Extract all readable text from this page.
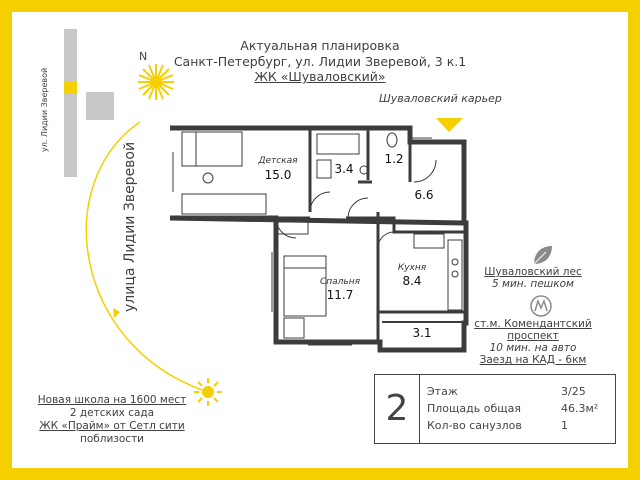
Актуальная планировка
Санкт-Петербург, ул. Лидии Зверевой, 3 к.1
ЖК «Шуваловский»
N
ул. Лидии Зверевой
улица Лидии Зверевой
Шуваловский карьер
Детская
15.0	3.4
1.2
6.6
Спальня
11.7
Кухня
8.4
3.1
Шуваловский лес
5 мин. пешком
ст.м. Комендантский
проспект
10 мин. на авто
Заезд на КАД - 6км
Новая школа на 1600 мест
2 детских сада
ЖК «Прайм» от Сетл сити
поблизости
2	Этаж	3/25
Площадь общая	46.3м²
Кол-во санузлов	1
